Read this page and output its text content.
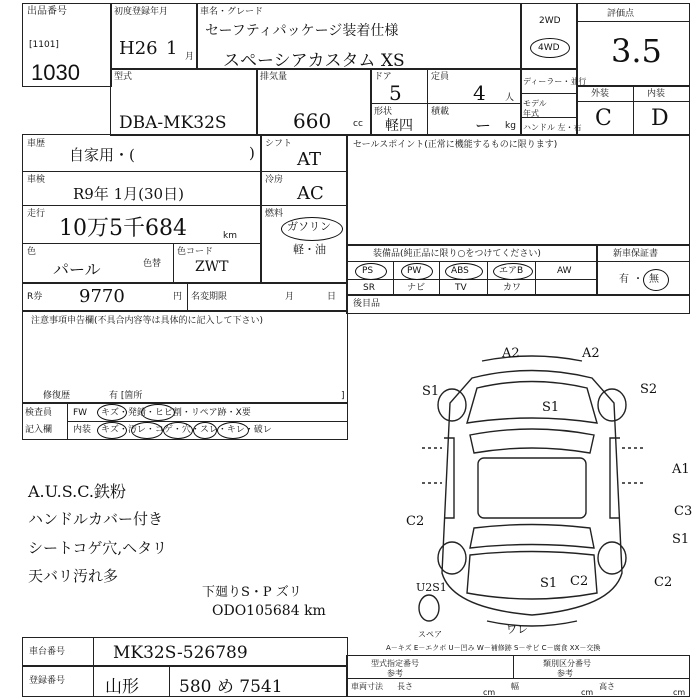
出品番号
[1101]
1030
初度登録年月
H26 1 月
車名・グレード
セーフティパッケージ装着仕様
スペーシアカスタム XS
2WD
4WD
評価点
3.5
型式
DBA-MK32S
排気量
660 cc
ドア
5
定員
4 人
形状
軽四
積載
ー kg
ディーラー・並行
モデル年式
ハンドル 左・右
外装	内装
C D
車歴
自家用・(	)
車検
R9年 1月(30日)
走行
10万5千684	km
色
パール	色替
色コード
ZWT
シフト
AT
冷房
AC
燃料
ガソリン
軽・油
R券 9770	円 名変期限	月	日
セールスポイント(正常に機能するものに限ります)
装備品(純正品に限り○をつけてください)
PS	PW	ABS	エアB	AW
SR	ナビ	TV	カワ
新車保証書
有 ・ 無
後目品
注意事項申告欄(不具合内容等は具体的に記入して下さい)
修復歴	有 [箇所	]
検査員
記入欄
FW キズ・発錆・ヒビ割・リペア跡・X要
内装 キズ・汚レ・コゲ・穴・スレ・キレ・破レ
A.U.S.C.鉄粉
ハンドルカバー付き
シートコゲ穴,ヘタリ
天バリ汚れ多
下廻りS・P ズリ
ODO105684 km
A2	A2
S1
S1
S2
A1
C3
C2
S1
C2
C2
S1
U2S1
スペア	ワレ
車台番号	MK32S-526789
登録番号 山形 580 め 7541
A－キズ E－エクボ U－凹み W－補修跡 S－サビ C－腐食 XX－交換
型式指定番号
参考
類別区分番号
参考
車両寸法 長さ
cm
幅
cm
高さ
cm
